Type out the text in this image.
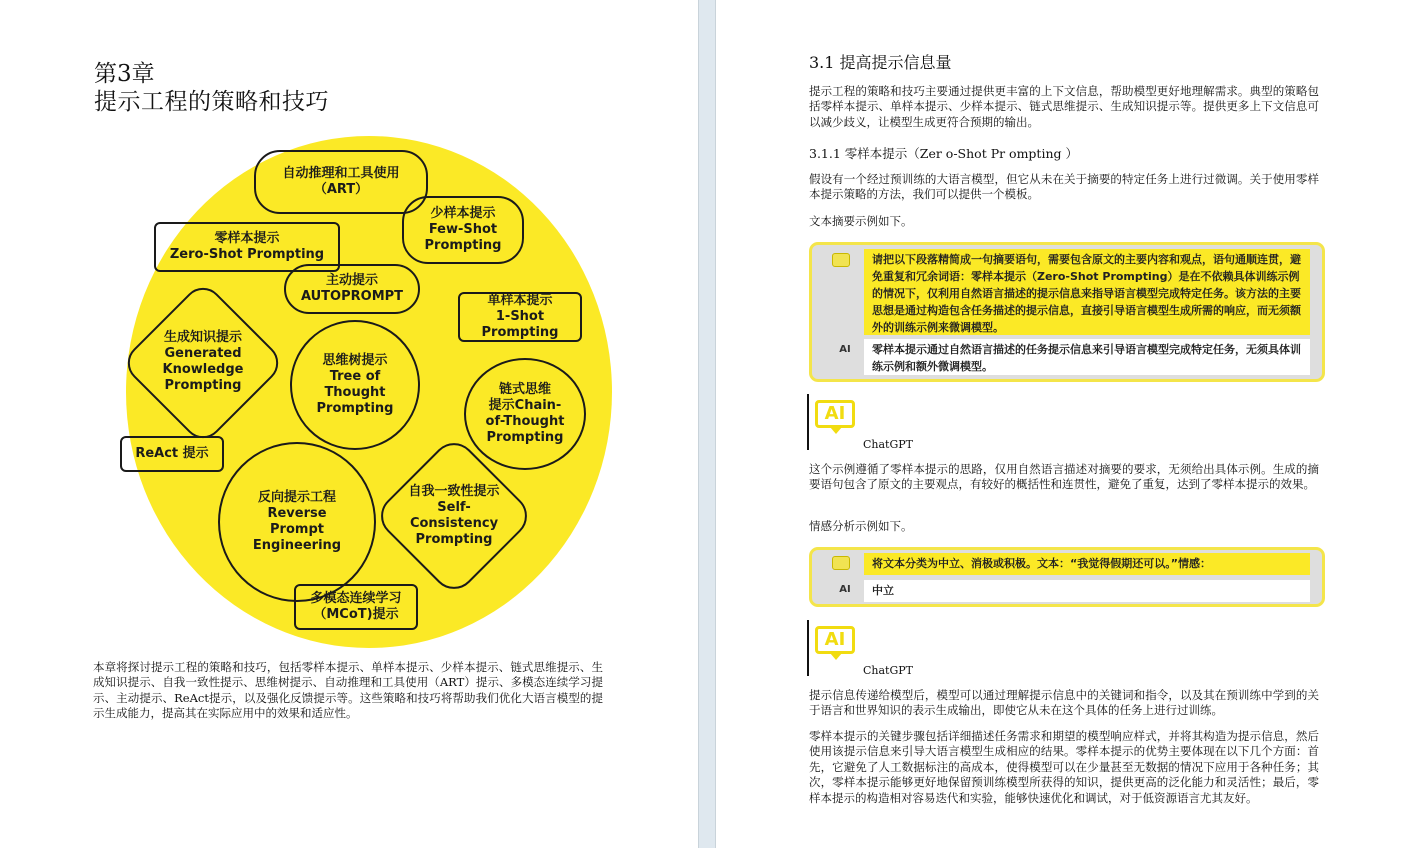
第3章
提示工程的策略和技巧
自动推理和工具使用
（ART）
少样本提示
Few-Shot
Prompting
零样本提示
Zero-Shot Prompting
主动提示
AUTOPROMPT	单样本提示
1-Shot
Prompting
生成知识提示
Generated
Knowledge
Prompting
思维树提示
Tree of
Thought
Prompting
链式思维
提示Chain-
of-Thought
Prompting
ReAct 提示
反向提示工程
Reverse
Prompt
Engineering
自我一致性提示
Self-
Consistency
Prompting
多模态连续学习
（MCoT)提示
本章将探讨提示工程的策略和技巧，包括零样本提示、单样本提示、少样本提示、链式思维提示、生成知识提示、自我一致性提示、思维树提示、自动推理和工具使用（ART）提示、多模态连续学习提示、主动提示、ReAct提示，以及强化反馈提示等。这些策略和技巧将帮助我们优化大语言模型的提示生成能力，提高其在实际应用中的效果和适应性。
3.1 提高提示信息量
提示工程的策略和技巧主要通过提供更丰富的上下文信息，帮助模型更好地理解需求。典型的策略包括零样本提示、单样本提示、少样本提示、链式思维提示、生成知识提示等。提供更多上下文信息可以减少歧义，让模型生成更符合预期的输出。
3.1.1 零样本提示（Zer o-Shot Pr ompting ）
假设有一个经过预训练的大语言模型，但它从未在关于摘要的特定任务上进行过微调。关于使用零样本提示策略的方法，我们可以提供一个模板。
文本摘要示例如下。
请把以下段落精简成一句摘要语句，需要包含原文的主要内容和观点，语句通顺连贯，避免重复和冗余词语：零样本提示（Zero-Shot Prompting）是在不依赖具体训练示例的情况下，仅利用自然语言描述的提示信息来指导语言模型完成特定任务。该方法的主要思想是通过构造包含任务描述的提示信息，直接引导语言模型生成所需的响应，而无须额外的训练示例来微调模型。
AI	零样本提示通过自然语言描述的任务提示信息来引导语言模型完成特定任务，无须具体训练示例和额外微调模型。
AI
ChatGPT
这个示例遵循了零样本提示的思路，仅用自然语言描述对摘要的要求，无须给出具体示例。生成的摘要语句包含了原文的主要观点，有较好的概括性和连贯性，避免了重复，达到了零样本提示的效果。
情感分析示例如下。
将文本分类为中立、消极或积极。文本：“我觉得假期还可以。”情感：
AI	中立
AI
ChatGPT
提示信息传递给模型后，模型可以通过理解提示信息中的关键词和指令，以及其在预训练中学到的关于语言和世界知识的表示生成输出，即使它从未在这个具体的任务上进行过训练。
零样本提示的关键步骤包括详细描述任务需求和期望的模型响应样式，并将其构造为提示信息，然后使用该提示信息来引导大语言模型生成相应的结果。零样本提示的优势主要体现在以下几个方面：首先，它避免了人工数据标注的高成本，使得模型可以在少量甚至无数据的情况下应用于各种任务；其次，零样本提示能够更好地保留预训练模型所获得的知识，提供更高的泛化能力和灵活性；最后，零样本提示的构造相对容易迭代和实验，能够快速优化和调试，对于低资源语言尤其友好。
